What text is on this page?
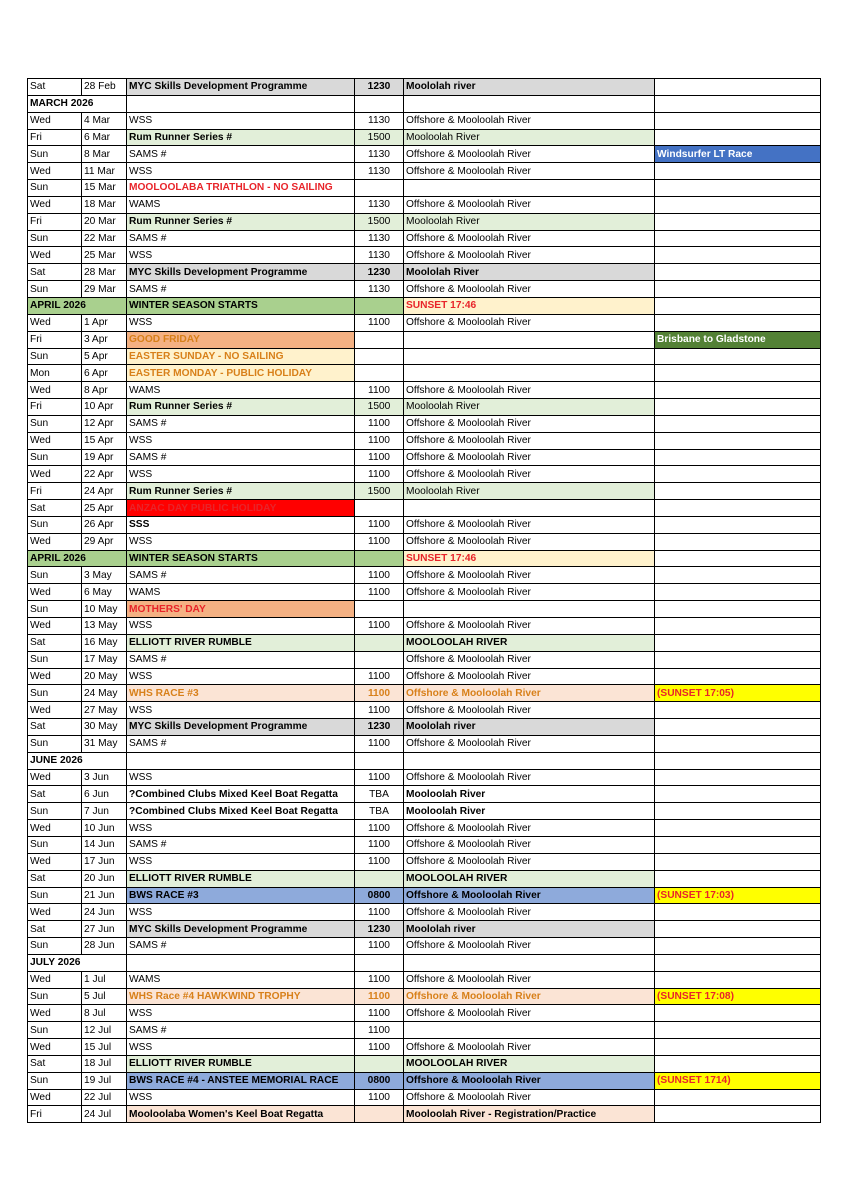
Sat	28 Feb	MYC Skills Development Programme	1230	Moololah river	
MARCH 2026					
Wed	4 Mar	WSS	1130	Offshore & Mooloolah River	
Fri	6 Mar	Rum Runner Series #	1500	Mooloolah River	
Sun	8 Mar	SAMS #	1130	Offshore & Mooloolah River	Windsurfer LT Race
Wed	11 Mar	WSS	1130	Offshore & Mooloolah River	
Sun	15 Mar	MOOLOOLABA TRIATHLON - NO SAILING			
Wed	18 Mar	WAMS	1130	Offshore & Mooloolah River	
Fri	20 Mar	Rum Runner Series #	1500	Mooloolah River	
Sun	22 Mar	SAMS #	1130	Offshore & Mooloolah River	
Wed	25 Mar	WSS	1130	Offshore & Mooloolah River	
Sat	28 Mar	MYC Skills Development Programme	1230	Moololah River	
Sun	29 Mar	SAMS #	1130	Offshore & Mooloolah River	
APRIL 2026		WINTER SEASON STARTS		SUNSET 17:46	
Wed	1 Apr	WSS	1100	Offshore & Mooloolah River	
Fri	3 Apr	GOOD FRIDAY			Brisbane to Gladstone
Sun	5 Apr	EASTER SUNDAY - NO SAILING			
Mon	6 Apr	EASTER MONDAY - PUBLIC HOLIDAY			
Wed	8 Apr	WAMS	1100	Offshore & Mooloolah River	
Fri	10 Apr	Rum Runner Series #	1500	Mooloolah River	
Sun	12 Apr	SAMS #	1100	Offshore & Mooloolah River	
Wed	15 Apr	WSS	1100	Offshore & Mooloolah River	
Sun	19 Apr	SAMS #	1100	Offshore & Mooloolah River	
Wed	22 Apr	WSS	1100	Offshore & Mooloolah River	
Fri	24 Apr	Rum Runner Series #	1500	Mooloolah River	
Sat	25 Apr	ANZAC DAY PUBLIC HOLIDAY			
Sun	26 Apr	SSS	1100	Offshore & Mooloolah River	
Wed	29 Apr	WSS	1100	Offshore & Mooloolah River	
APRIL 2026		WINTER SEASON STARTS		SUNSET 17:46	
Sun	3 May	SAMS #	1100	Offshore & Mooloolah River	
Wed	6 May	WAMS	1100	Offshore & Mooloolah River	
Sun	10 May	MOTHERS' DAY			
Wed	13 May	WSS	1100	Offshore & Mooloolah River	
Sat	16 May	ELLIOTT RIVER RUMBLE		MOOLOOLAH RIVER	
Sun	17 May	SAMS #		Offshore & Mooloolah River	
Wed	20 May	WSS	1100	Offshore & Mooloolah River	
Sun	24 May	WHS RACE #3	1100	Offshore & Mooloolah River	(SUNSET 17:05)
Wed	27 May	WSS	1100	Offshore & Mooloolah River	
Sat	30 May	MYC Skills Development Programme	1230	Moololah river	
Sun	31 May	SAMS #	1100	Offshore & Mooloolah River	
JUNE 2026					
Wed	3 Jun	WSS	1100	Offshore & Mooloolah River	
Sat	6 Jun	?Combined Clubs Mixed Keel Boat Regatta	TBA	Mooloolah River	
Sun	7 Jun	?Combined Clubs Mixed Keel Boat Regatta	TBA	Mooloolah River	
Wed	10 Jun	WSS	1100	Offshore & Mooloolah River	
Sun	14 Jun	SAMS #	1100	Offshore & Mooloolah River	
Wed	17 Jun	WSS	1100	Offshore & Mooloolah River	
Sat	20 Jun	ELLIOTT RIVER RUMBLE		MOOLOOLAH RIVER	
Sun	21 Jun	BWS RACE #3	0800	Offshore & Mooloolah River	(SUNSET 17:03)
Wed	24 Jun	WSS	1100	Offshore & Mooloolah River	
Sat	27 Jun	MYC Skills Development Programme	1230	Moololah river	
Sun	28 Jun	SAMS #	1100	Offshore & Mooloolah River	
JULY 2026					
Wed	1 Jul	WAMS	1100	Offshore & Mooloolah River	
Sun	5 Jul	WHS Race #4 HAWKWIND TROPHY	1100	Offshore & Mooloolah River	(SUNSET 17:08)
Wed	8 Jul	WSS	1100	Offshore & Mooloolah River	
Sun	12 Jul	SAMS #	1100		
Wed	15 Jul	WSS	1100	Offshore & Mooloolah River	
Sat	18 Jul	ELLIOTT RIVER RUMBLE		MOOLOOLAH RIVER	
Sun	19 Jul	BWS RACE #4 - ANSTEE MEMORIAL RACE	0800	Offshore & Mooloolah River	(SUNSET 1714)
Wed	22 Jul	WSS	1100	Offshore & Mooloolah River	
Fri	24 Jul	Mooloolaba Women's Keel Boat Regatta		Mooloolah River - Registration/Practice	
